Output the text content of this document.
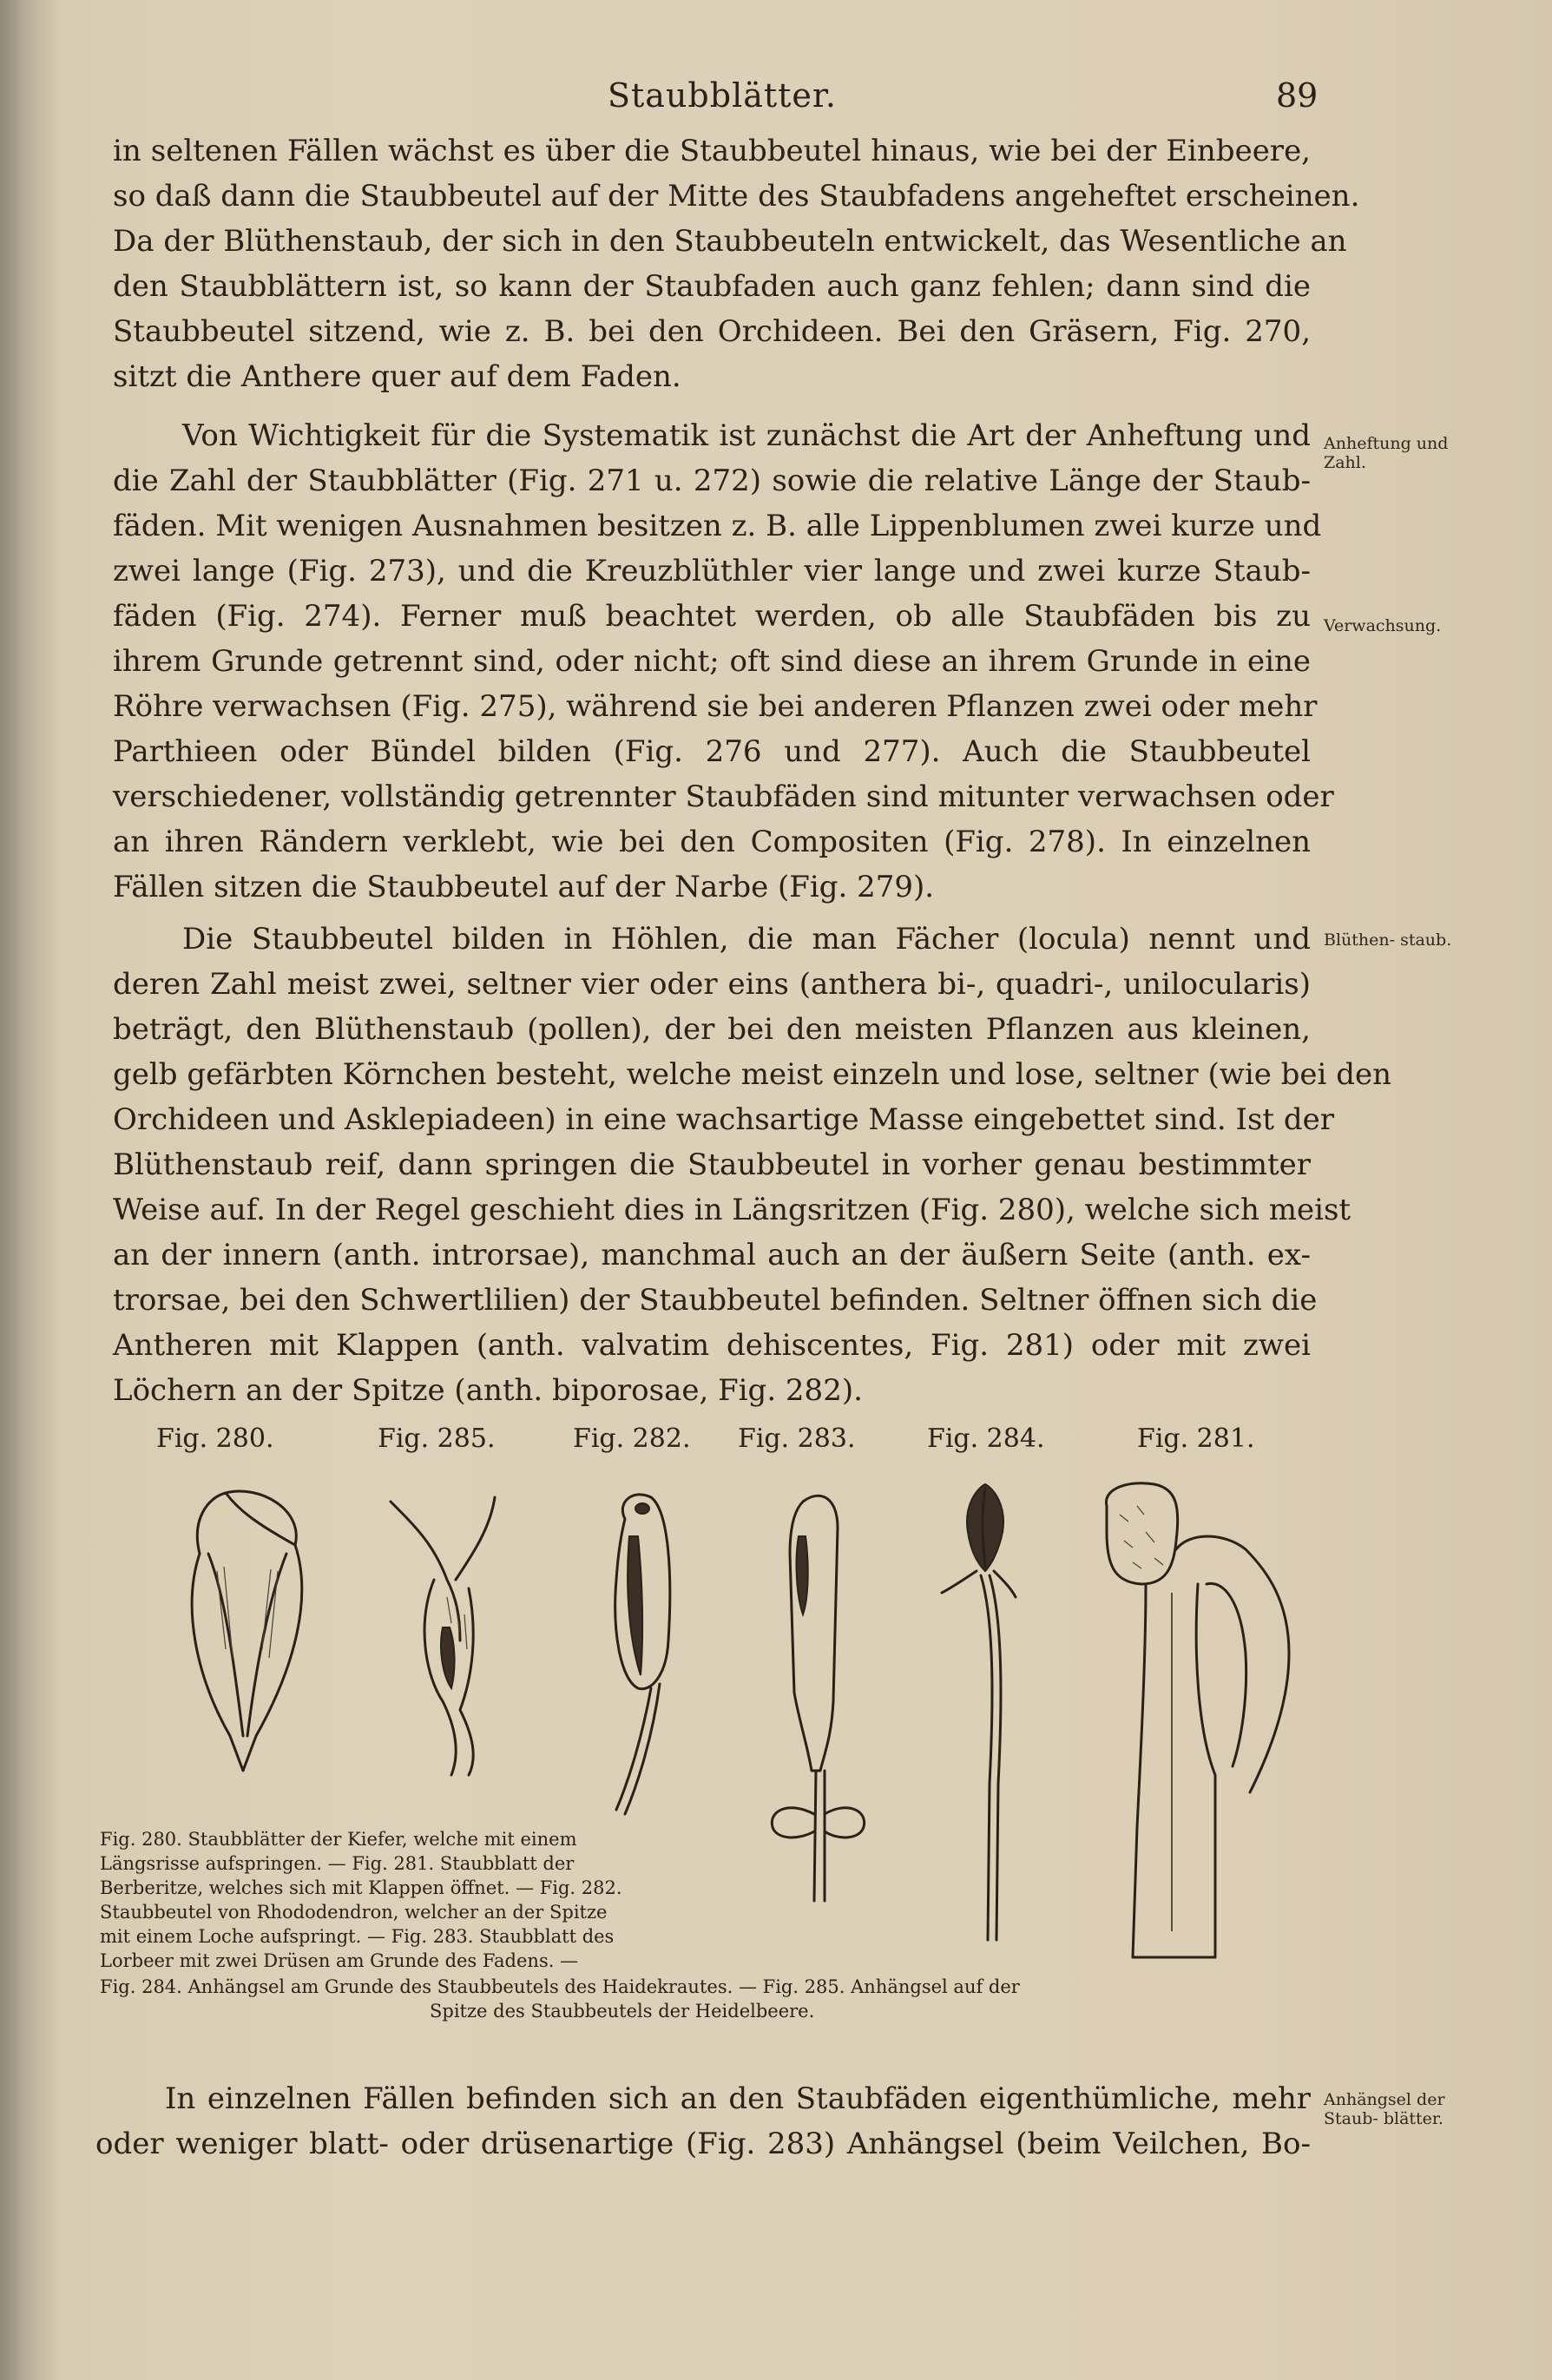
Staubblätter.	89
in seltenen Fällen wächst es über die Staubbeutel hinaus, wie bei der Einbeere,
so daß dann die Staubbeutel auf der Mitte des Staubfadens angeheftet erscheinen.
Da der Blüthenstaub, der sich in den Staubbeuteln entwickelt, das Wesentliche an
den Staubblättern ist, so kann der Staubfaden auch ganz fehlen; dann sind die
Staubbeutel sitzend, wie z. B. bei den Orchideen. Bei den Gräsern, Fig. 270,
sitzt die Anthere quer auf dem Faden.
Von Wichtigkeit für die Systematik ist zunächst die Art der Anheftung und
die Zahl der Staubblätter (Fig. 271 u. 272) sowie die relative Länge der Staub-
fäden. Mit wenigen Ausnahmen besitzen z. B. alle Lippenblumen zwei kurze und
zwei lange (Fig. 273), und die Kreuzblüthler vier lange und zwei kurze Staub-
fäden (Fig. 274). Ferner muß beachtet werden, ob alle Staubfäden bis zu
ihrem Grunde getrennt sind, oder nicht; oft sind diese an ihrem Grunde in eine
Röhre verwachsen (Fig. 275), während sie bei anderen Pflanzen zwei oder mehr
Parthieen oder Bündel bilden (Fig. 276 und 277). Auch die Staubbeutel
verschiedener, vollständig getrennter Staubfäden sind mitunter verwachsen oder
an ihren Rändern verklebt, wie bei den Compositen (Fig. 278). In einzelnen
Fällen sitzen die Staubbeutel auf der Narbe (Fig. 279).
Die Staubbeutel bilden in Höhlen, die man Fächer (locula) nennt und
deren Zahl meist zwei, seltner vier oder eins (anthera bi-, quadri-, unilocularis)
beträgt, den Blüthenstaub (pollen), der bei den meisten Pflanzen aus kleinen,
gelb gefärbten Körnchen besteht, welche meist einzeln und lose, seltner (wie bei den
Orchideen und Asklepiadeen) in eine wachsartige Masse eingebettet sind. Ist der
Blüthenstaub reif, dann springen die Staubbeutel in vorher genau bestimmter
Weise auf. In der Regel geschieht dies in Längsritzen (Fig. 280), welche sich meist
an der innern (anth. introrsae), manchmal auch an der äußern Seite (anth. ex-
trorsae, bei den Schwertlilien) der Staubbeutel befinden. Seltner öffnen sich die
Antheren mit Klappen (anth. valvatim dehiscentes, Fig. 281) oder mit zwei
Löchern an der Spitze (anth. biporosae, Fig. 282).
Anheftung und Zahl.
Verwachsung.
Blüthen- staub.
Anhängsel der Staub- blätter.
Fig. 280.	Fig. 285.	Fig. 282. Fig. 283.	Fig. 284.	Fig. 281.
Fig. 280. Staubblätter der Kiefer, welche mit einem
Längsrisse aufspringen. — Fig. 281. Staubblatt der
Berberitze, welches sich mit Klappen öffnet. — Fig. 282.
Staubbeutel von Rhododendron, welcher an der Spitze
mit einem Loche aufspringt. — Fig. 283. Staubblatt des
Lorbeer mit zwei Drüsen am Grunde des Fadens. —
Fig. 284. Anhängsel am Grunde des Staubbeutels des Haidekrautes. — Fig. 285. Anhängsel auf der
Spitze des Staubbeutels der Heidelbeere.
In einzelnen Fällen befinden sich an den Staubfäden eigenthümliche, mehr
oder weniger blatt- oder drüsenartige (Fig. 283) Anhängsel (beim Veilchen, Bo-
